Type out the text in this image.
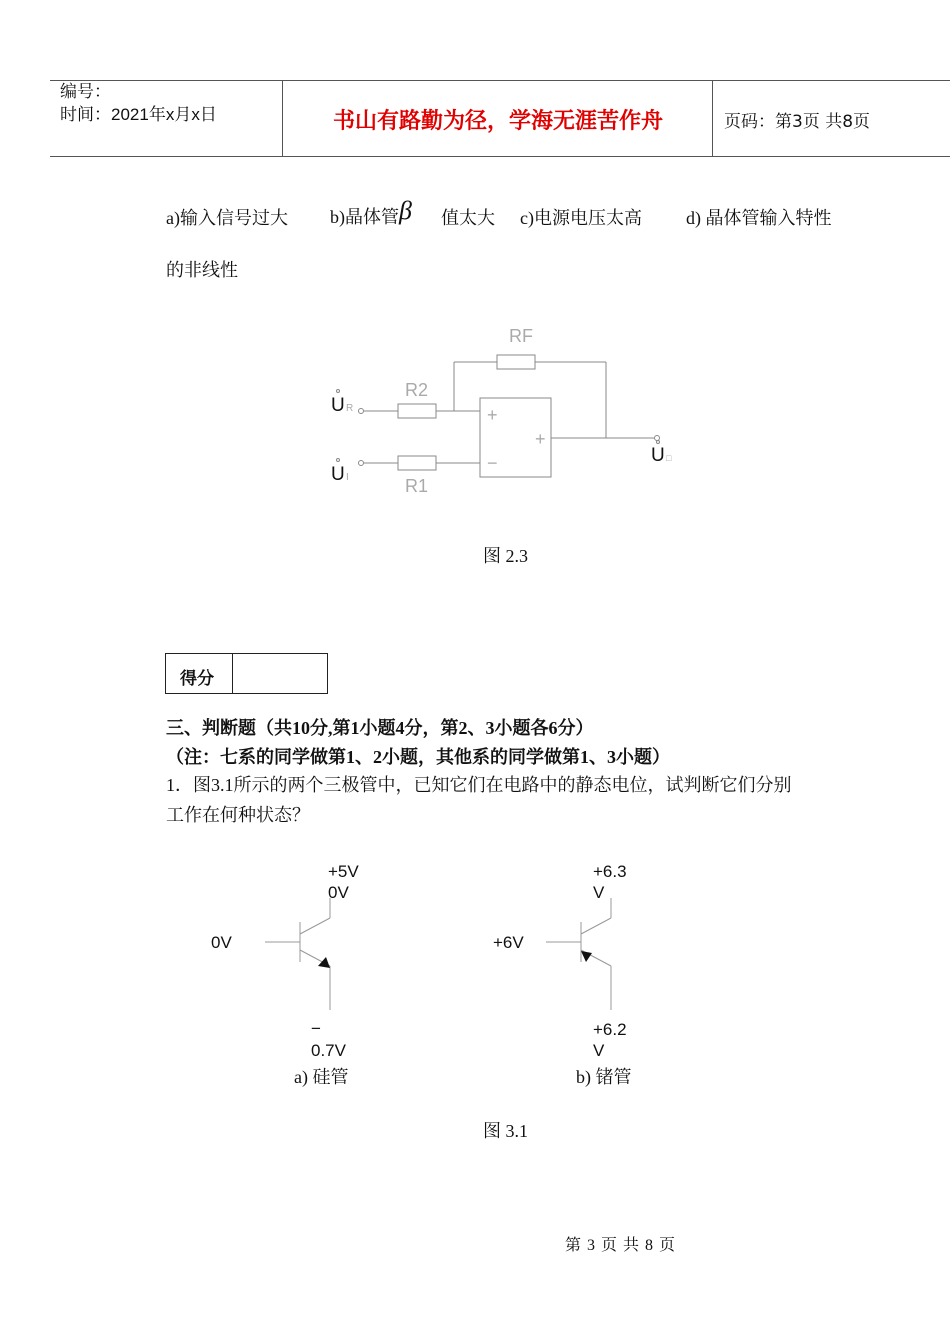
编号：
时间：2021年x月x日	书山有路勤为径，学海无涯苦作舟	页码：第3页 共8页
a)输入信号过大 b)晶体管β 值太大 c)电源电压太高 d) 晶体管输入特性
的非线性
RF
R2
R1
+
−
+
U R
U I
U □
图 2.3
得分
三、判断题（共10分,第1小题4分，第2、3小题各6分）
（注：七系的同学做第1、2小题，其他系的同学做第1、3小题）
1．图3.1所示的两个三极管中，已知它们在电路中的静态电位，试判断它们分别
工作在何种状态？
+5V
0V
0V
−
0.7V
+6.3
V
+6V
+6.2
V
a) 硅管	b) 锗管
图 3.1
第 3 页 共 8 页
